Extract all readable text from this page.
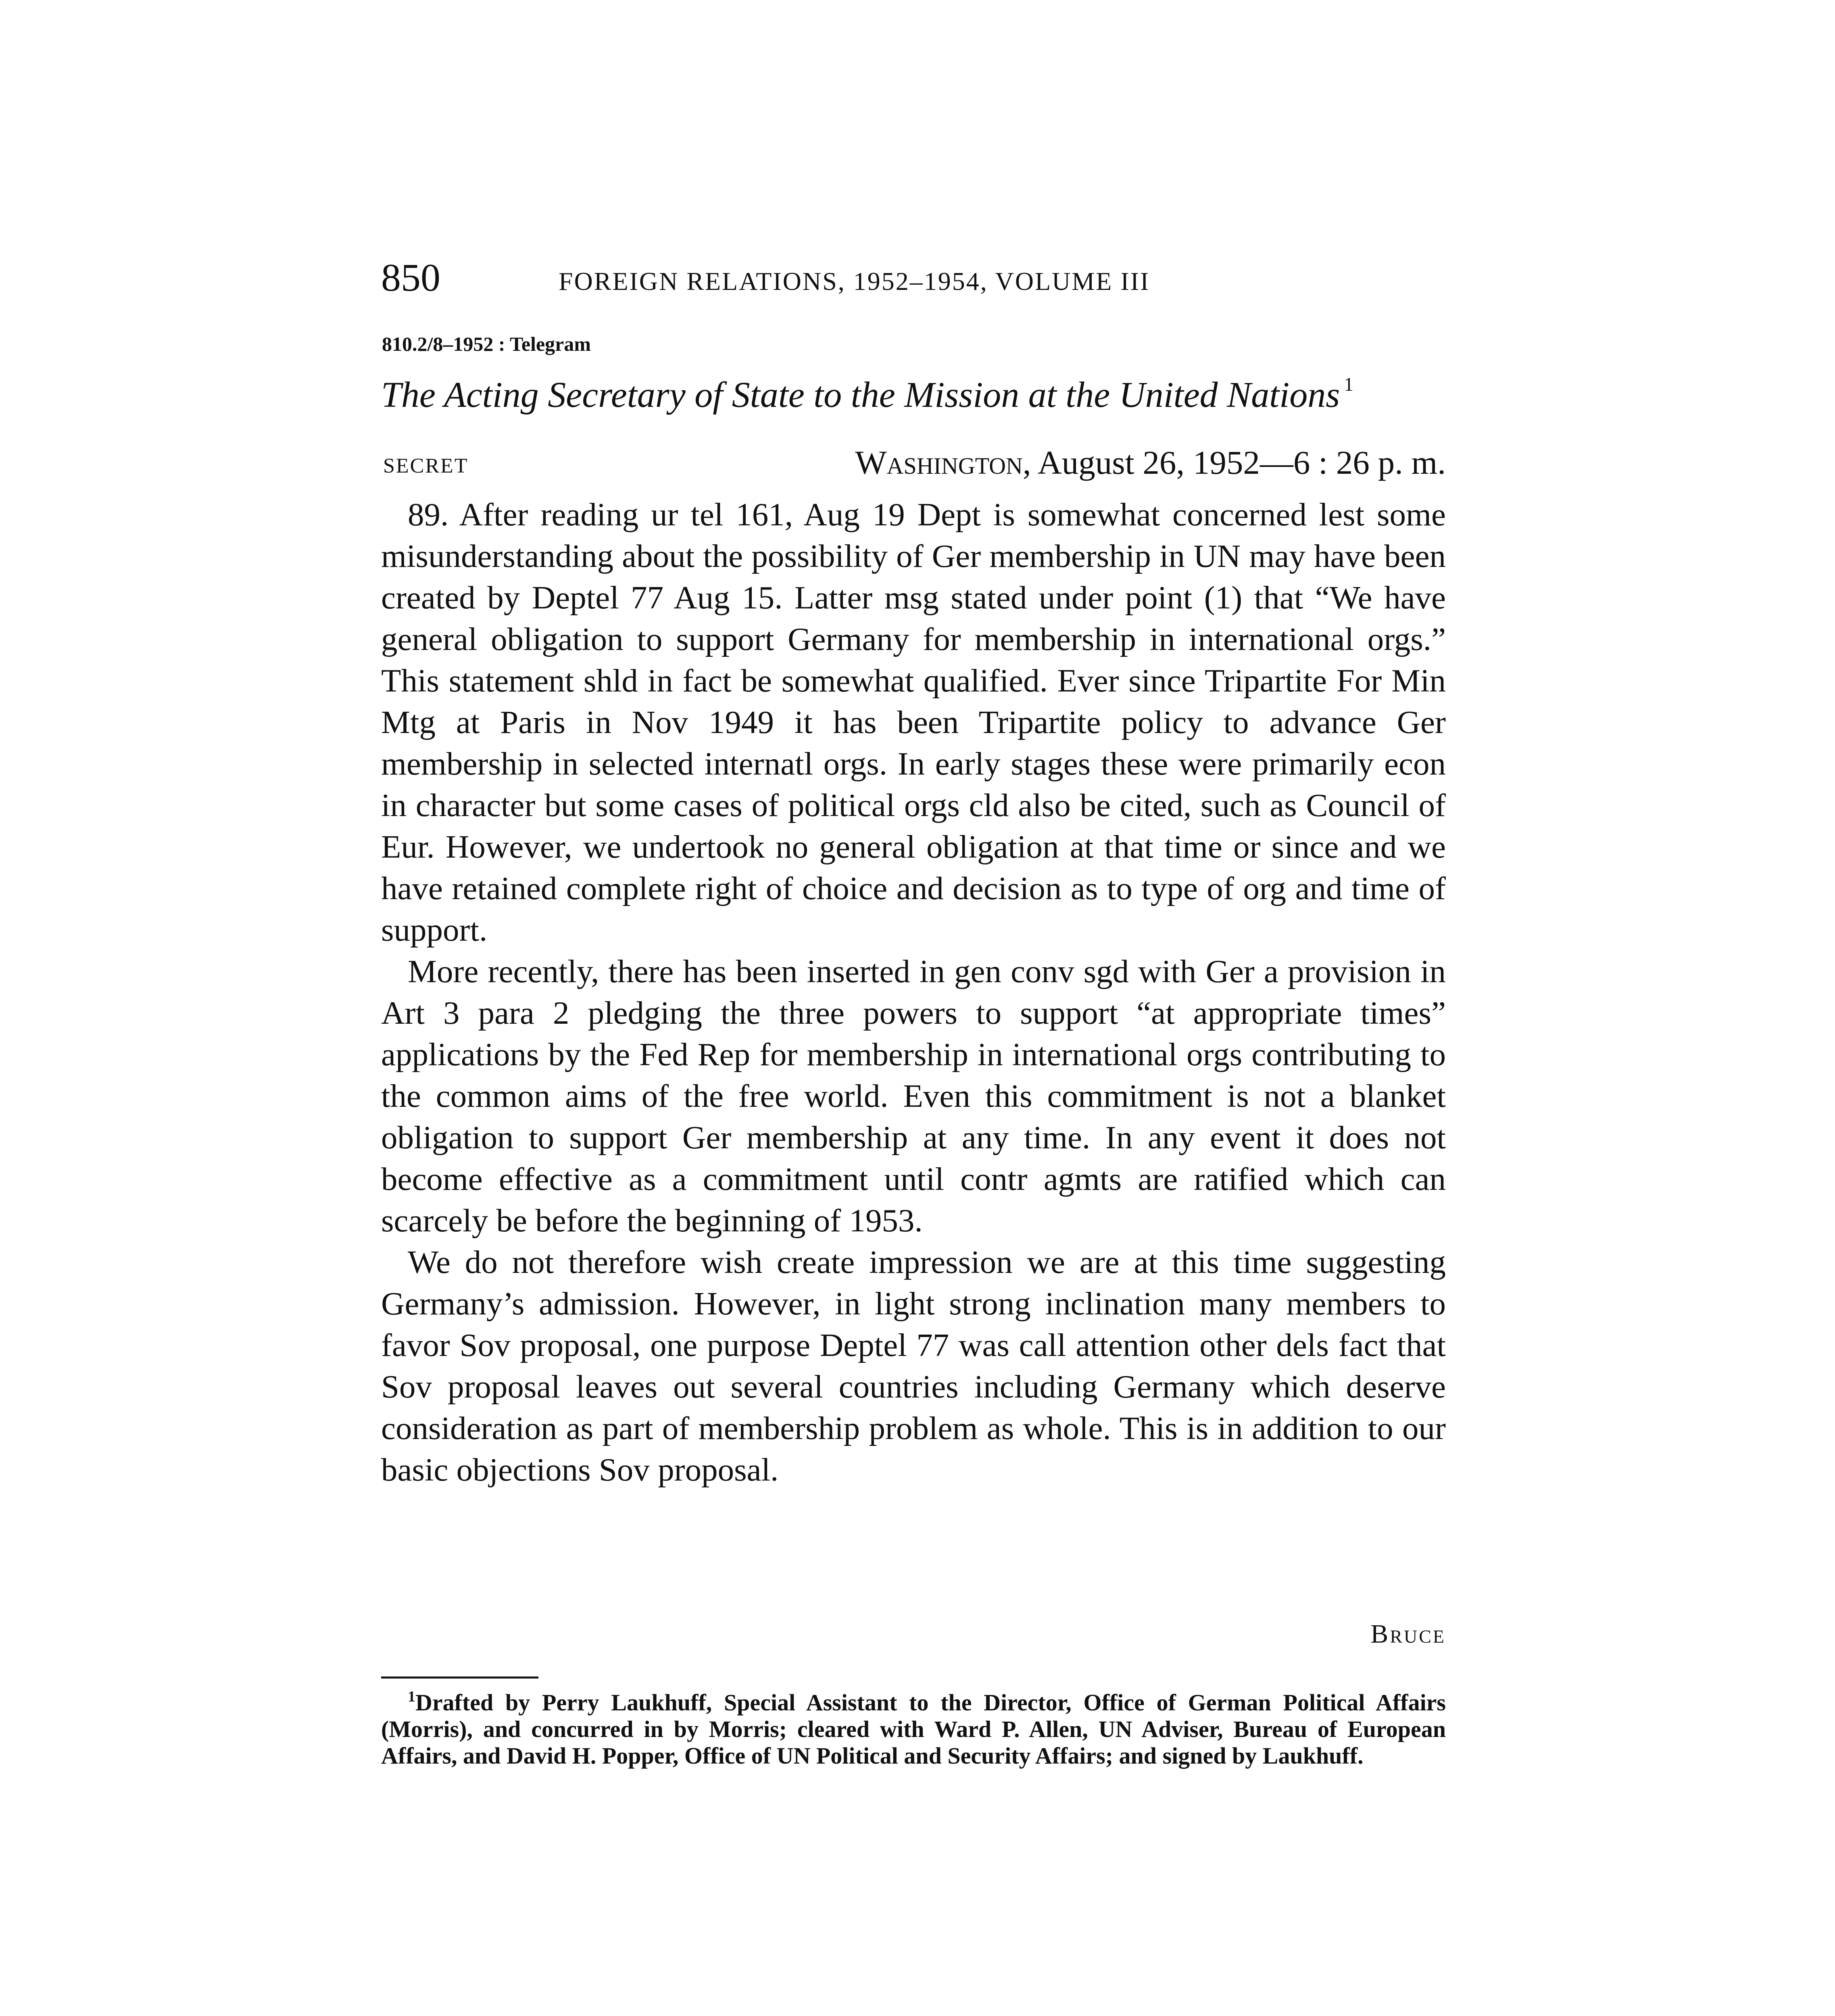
850	FOREIGN RELATIONS, 1952–1954, VOLUME III
810.2/8–1952 : Telegram
The Acting Secretary of State to the Mission at the United Nations $^1$
SECRET	Washington, August 26, 1952—6 : 26 p. m.

89. After reading ur tel 161, Aug 19 Dept is somewhat concerned lest some misunderstanding about the possibility of Ger membership in UN may have been created by Deptel 77 Aug 15. Latter msg stated under point (1) that “We have general obligation to support Germany for membership in international orgs.” This statement shld in fact be somewhat qualified. Ever since Tripartite For Min Mtg at Paris in Nov 1949 it has been Tripartite policy to advance Ger membership in selected internatl orgs. In early stages these were primarily econ in character but some cases of political orgs cld also be cited, such as Council of Eur. However, we undertook no general obligation at that time or since and we have retained complete right of choice and decision as to type of org and time of support.

More recently, there has been inserted in gen conv sgd with Ger a provision in Art 3 para 2 pledging the three powers to support “at appropriate times” applications by the Fed Rep for membership in international orgs contributing to the common aims of the free world. Even this commitment is not a blanket obligation to support Ger membership at any time. In any event it does not become effective as a commitment until contr agmts are ratified which can scarcely be before the beginning of 1953.

We do not therefore wish create impression we are at this time suggesting Germany’s admission. However, in light strong inclination many members to favor Sov proposal, one purpose Deptel 77 was call attention other dels fact that Sov proposal leaves out several countries including Germany which deserve consideration as part of membership problem as whole. This is in addition to our basic objections Sov proposal.

Bruce
$^1$Drafted by Perry Laukhuff, Special Assistant to the Director, Office of German Political Affairs (Morris), and concurred in by Morris; cleared with Ward P. Allen, UN Adviser, Bureau of European Affairs, and David H. Popper, Office of UN Political and Security Affairs; and signed by Laukhuff.
